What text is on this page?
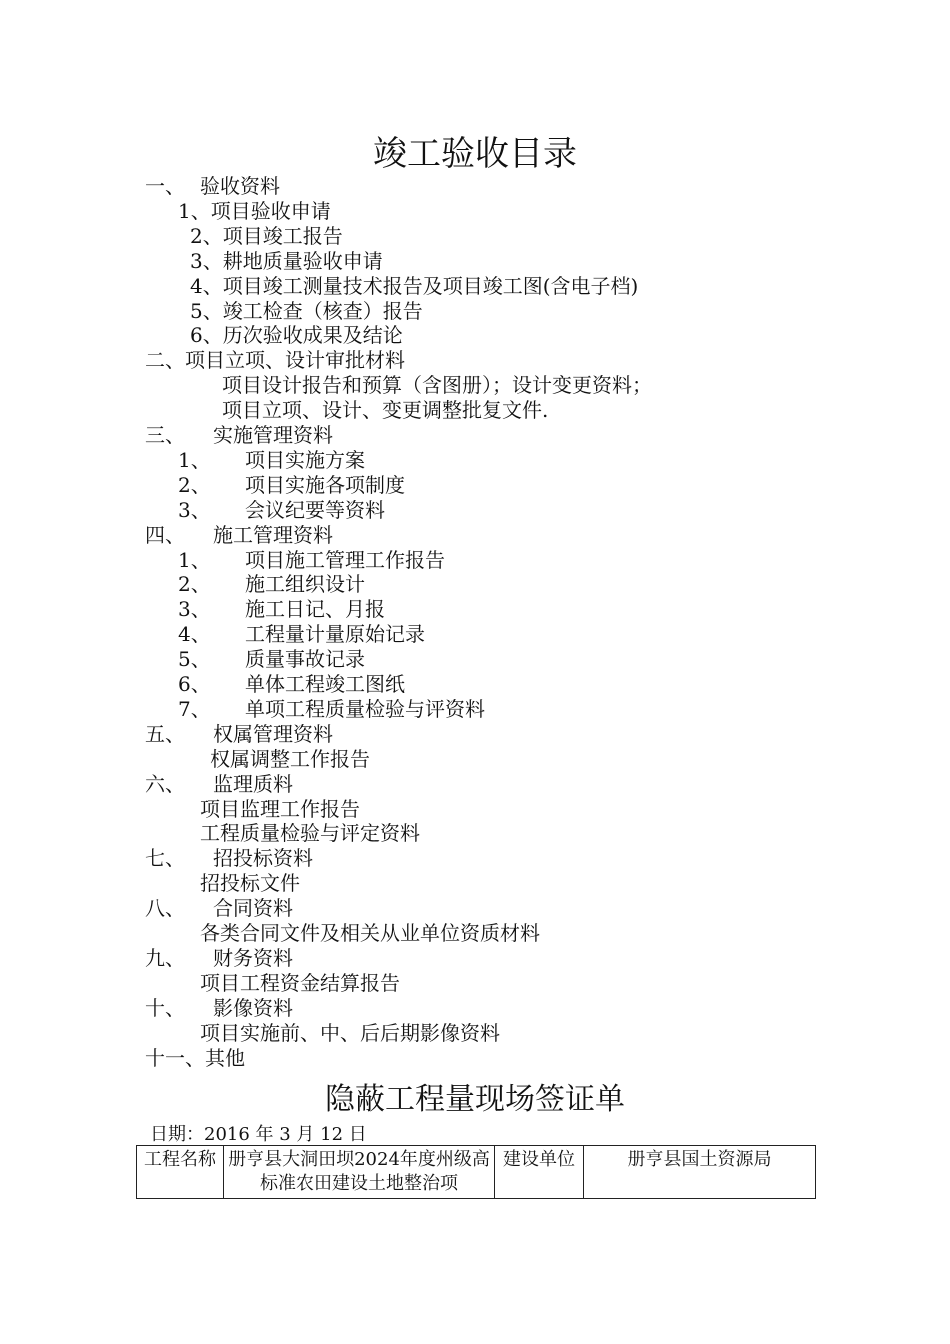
竣工验收目录
一、 验收资料
1、项目验收申请
2、项目竣工报告
3、耕地质量验收申请
4、项目竣工测量技术报告及项目竣工图(含电子档)
5、竣工检查（核查）报告
6、历次验收成果及结论
二、项目立项、设计审批材料
项目设计报告和预算（含图册）；设计变更资料；
项目立项、设计、变更调整批复文件.
三、 实施管理资料
1、 项目实施方案
2、 项目实施各项制度
3、 会议纪要等资料
四、 施工管理资料
1、 项目施工管理工作报告
2、 施工组织设计
3、 施工日记、月报
4、 工程量计量原始记录
5、 质量事故记录
6、 单体工程竣工图纸
7、 单项工程质量检验与评资料
五、 权属管理资料
权属调整工作报告
六、 监理质料
项目监理工作报告
工程质量检验与评定资料
七、 招投标资料
招投标文件
八、 合同资料
各类合同文件及相关从业单位资质材料
九、 财务资料
项目工程资金结算报告
十、 影像资料
项目实施前、中、后后期影像资料
十一、其他
隐蔽工程量现场签证单
日期：2016 年 3 月 12 日
工程名称	册亨县大洞田坝2024年度州级高标准农田建设土地整治项	建设单位	册亨县国土资源局
